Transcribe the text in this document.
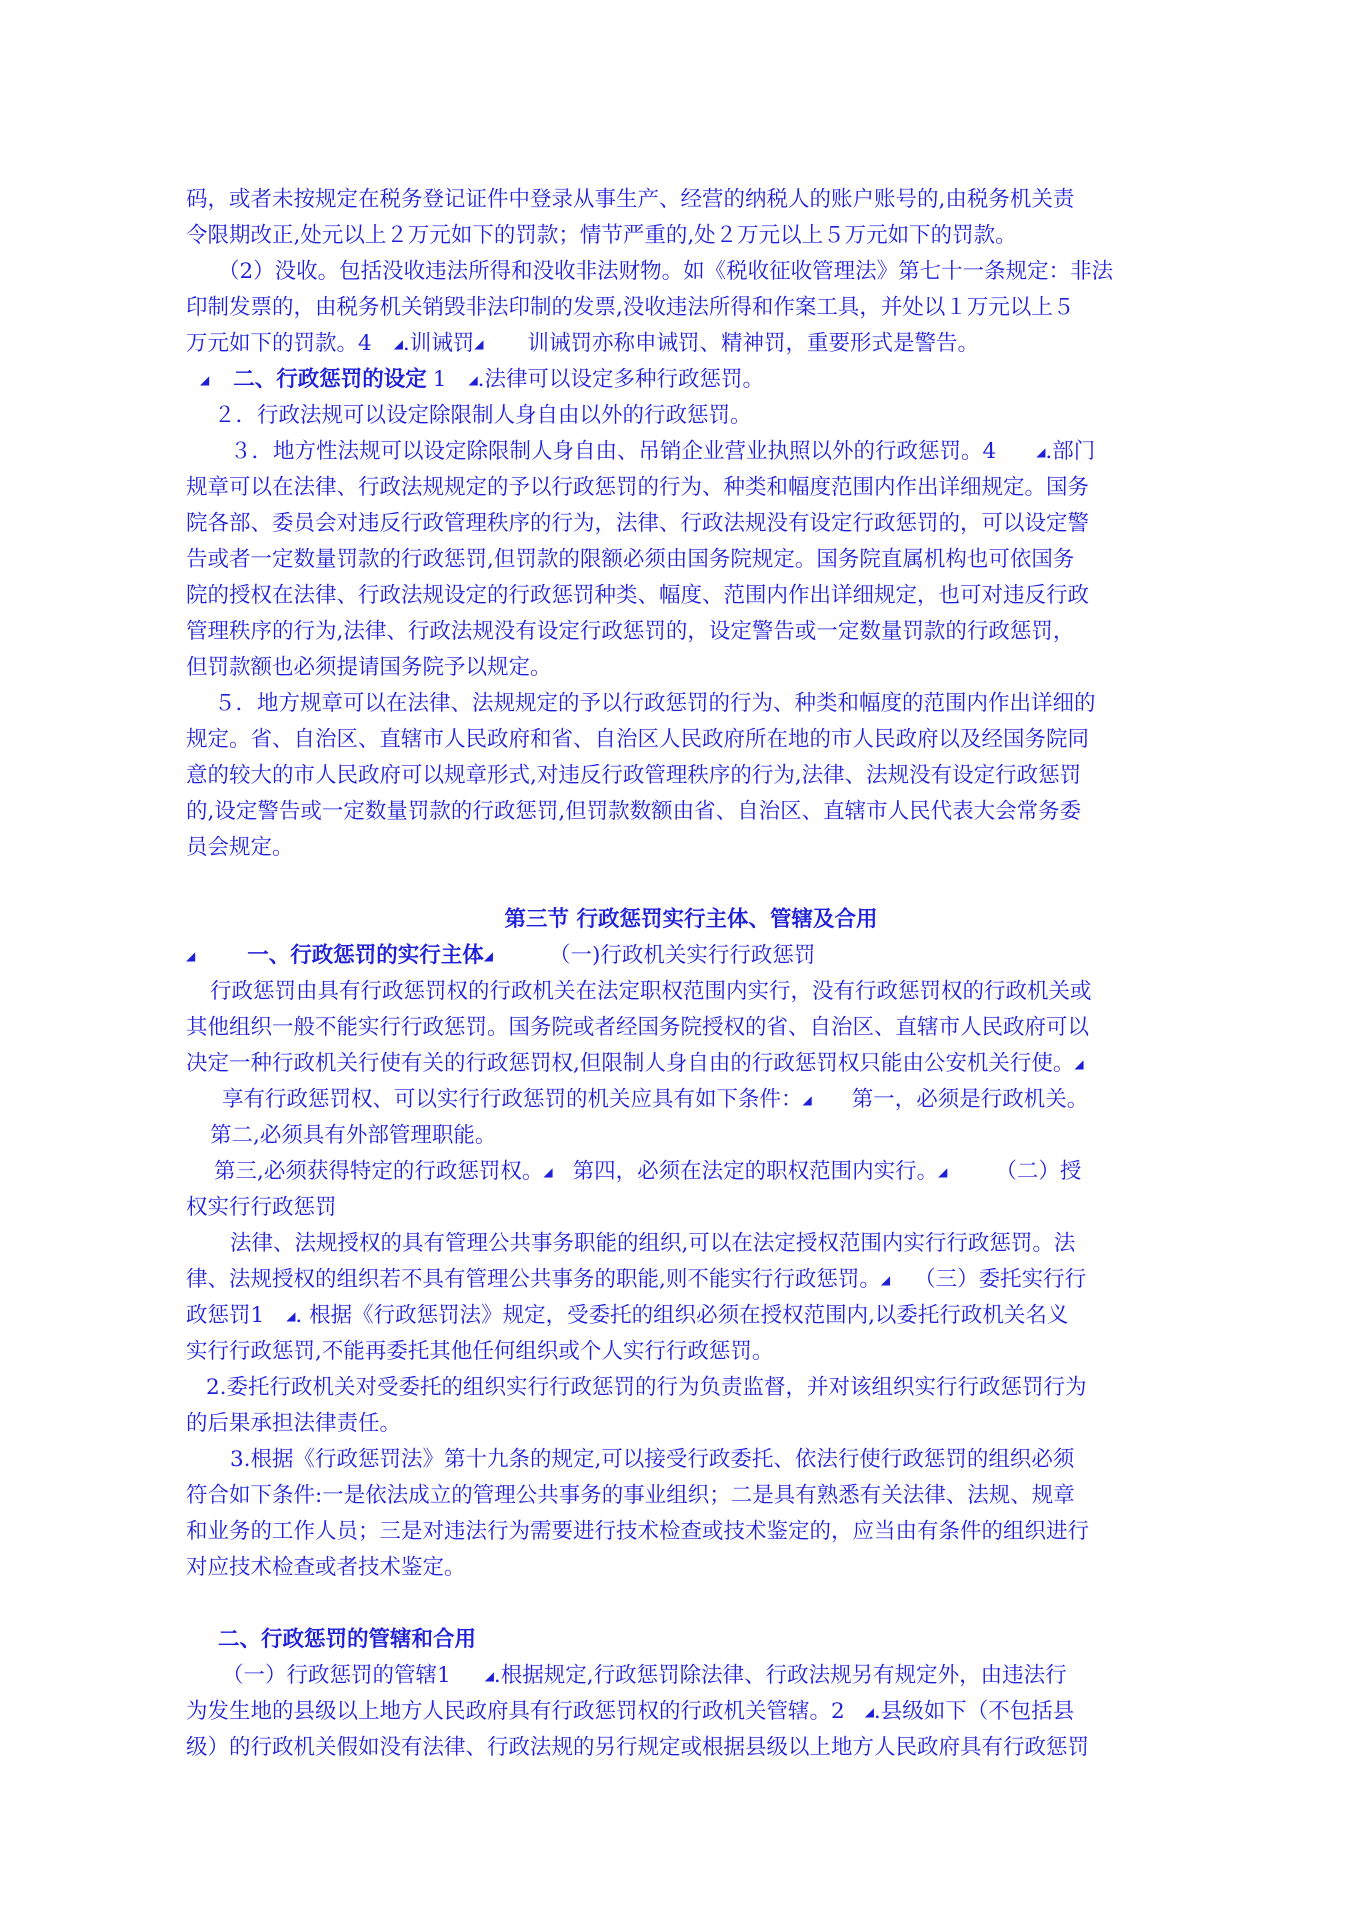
码，或者未按规定在税务登记证件中登录从事生产、经营的纳税人的账户账号的,由税务机关责
令限期改正,处元以上２万元如下的罚款；情节严重的,处２万元以上５万元如下的罚款。
（2）没收。包括没收违法所得和没收非法财物。如《税收征收管理法》第七十一条规定：非法
印制发票的，由税务机关销毁非法印制的发票,没收违法所得和作案工具，并处以１万元以上５
万元如下的罚款。4 ◢.训诫罚◢ 训诫罚亦称申诫罚、精神罚，重要形式是警告。
◢ 二、行政惩罚的设定 1 ◢.法律可以设定多种行政惩罚。
２．行政法规可以设定除限制人身自由以外的行政惩罚。
３．地方性法规可以设定除限制人身自由、吊销企业营业执照以外的行政惩罚。4	◢.部门
规章可以在法律、行政法规规定的予以行政惩罚的行为、种类和幅度范围内作出详细规定。国务
院各部、委员会对违反行政管理秩序的行为，法律、行政法规没有设定行政惩罚的，可以设定警
告或者一定数量罚款的行政惩罚,但罚款的限额必须由国务院规定。国务院直属机构也可依国务
院的授权在法律、行政法规设定的行政惩罚种类、幅度、范围内作出详细规定，也可对违反行政
管理秩序的行为,法律、行政法规没有设定行政惩罚的，设定警告或一定数量罚款的行政惩罚，
但罚款额也必须提请国务院予以规定。
５．地方规章可以在法律、法规规定的予以行政惩罚的行为、种类和幅度的范围内作出详细的
规定。省、自治区、直辖市人民政府和省、自治区人民政府所在地的市人民政府以及经国务院同
意的较大的市人民政府可以规章形式,对违反行政管理秩序的行为,法律、法规没有设定行政惩罚
的,设定警告或一定数量罚款的行政惩罚,但罚款数额由省、自治区、直辖市人民代表大会常务委
员会规定。
第三节 行政惩罚实行主体、管辖及合用
◢ 一、行政惩罚的实行主体◢	（一)行政机关实行行政惩罚
行政惩罚由具有行政惩罚权的行政机关在法定职权范围内实行，没有行政惩罚权的行政机关或
其他组织一般不能实行行政惩罚。国务院或者经国务院授权的省、自治区、直辖市人民政府可以
决定一种行政机关行使有关的行政惩罚权,但限制人身自由的行政惩罚权只能由公安机关行使。◢
享有行政惩罚权、可以实行行政惩罚的机关应具有如下条件：◢ 第一，必须是行政机关。
第二,必须具有外部管理职能。
第三,必须获得特定的行政惩罚权。◢ 第四，必须在法定的职权范围内实行。◢ （二）授
权实行行政惩罚
法律、法规授权的具有管理公共事务职能的组织,可以在法定授权范围内实行行政惩罚。法
律、法规授权的组织若不具有管理公共事务的职能,则不能实行行政惩罚。◢ （三）委托实行行
政惩罚1 ◢. 根据《行政惩罚法》规定，受委托的组织必须在授权范围内,以委托行政机关名义
实行行政惩罚,不能再委托其他任何组织或个人实行行政惩罚。
2.委托行政机关对受委托的组织实行行政惩罚的行为负责监督，并对该组织实行行政惩罚行为
的后果承担法律责任。
3.根据《行政惩罚法》第十九条的规定,可以接受行政委托、依法行使行政惩罚的组织必须
符合如下条件:一是依法成立的管理公共事务的事业组织；二是具有熟悉有关法律、法规、规章
和业务的工作人员；三是对违法行为需要进行技术检查或技术鉴定的，应当由有条件的组织进行
对应技术检查或者技术鉴定。
二、行政惩罚的管辖和合用
（一）行政惩罚的管辖1	◢.根据规定,行政惩罚除法律、行政法规另有规定外，由违法行
为发生地的县级以上地方人民政府具有行政惩罚权的行政机关管辖。2 ◢.县级如下（不包括县
级）的行政机关假如没有法律、行政法规的另行规定或根据县级以上地方人民政府具有行政惩罚
